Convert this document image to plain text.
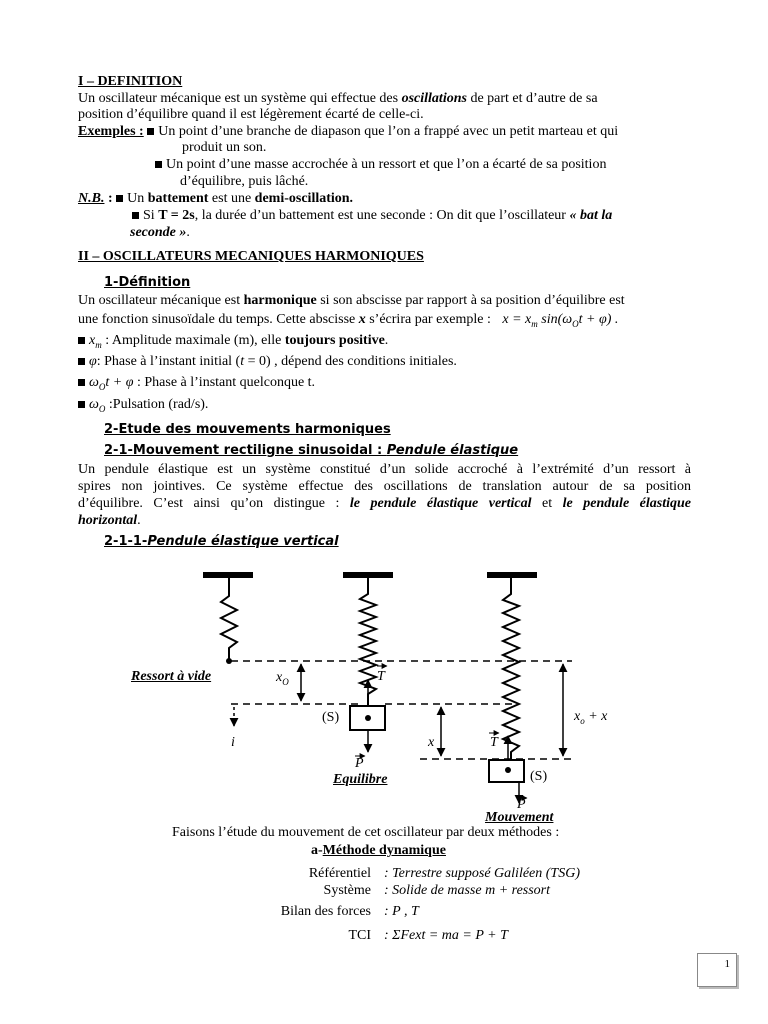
I – DEFINITION
Un oscillateur mécanique est un système qui effectue des oscillations de part et d’autre de sa
position d’équilibre quand il est légèrement écarté de celle-ci.
Exemples : Un point d’une branche de diapason que l’on a frappé avec un petit marteau et qui
produit un son.
Un point d’une masse accrochée à un ressort et que l’on a écarté de sa position
d’équilibre, puis lâché.
N.B. : Un battement est une demi-oscillation.
Si T = 2s, la durée d’un battement est une seconde : On dit que l’oscillateur « bat la
seconde ».
II – OSCILLATEURS MECANIQUES HARMONIQUES
1-Définition
Un oscillateur mécanique est harmonique si son abscisse par rapport à sa position d’équilibre est
une fonction sinusoïdale du temps. Cette abscisse x s’écrira par exemple : $x = x_m$ $\sin(\omega_Ot + \varphi)$ .
$x_m$ : Amplitude maximale (m), elle toujours positive.
φ: Phase à l’instant initial (t = 0) , dépend des conditions initiales.
$\omega_Ot + \varphi$ : Phase à l’instant quelconque t.
$\omega_O$ :Pulsation (rad/s).
2-Etude des mouvements harmoniques
2-1-Mouvement rectiligne sinusoidal : Pendule élastique
Un pendule élastique est un système constitué d’un solide accroché à l’extrémité d’un ressort à
spires non jointives. Ce système effectue des oscillations de translation autour de sa position
d’équilibre. C’est ainsi qu’on distingue : le pendule élastique vertical et le pendule élastique
horizontal.
2-1-1-Pendule élastique vertical
Ressort à vide	$x_O$	T
(S)
i	x	T
$x_o + x$
P
Equilibre	(S)
P
Mouvement
Faisons l’étude du mouvement de cet oscillateur par deux méthodes :
a-Méthode dynamique
Référentiel : Terrestre supposé Galiléen (TSG)
Système : Solide de masse m + ressort
Bilan des forces : P , T
TCI : ΣFext = ma = P + T
1
